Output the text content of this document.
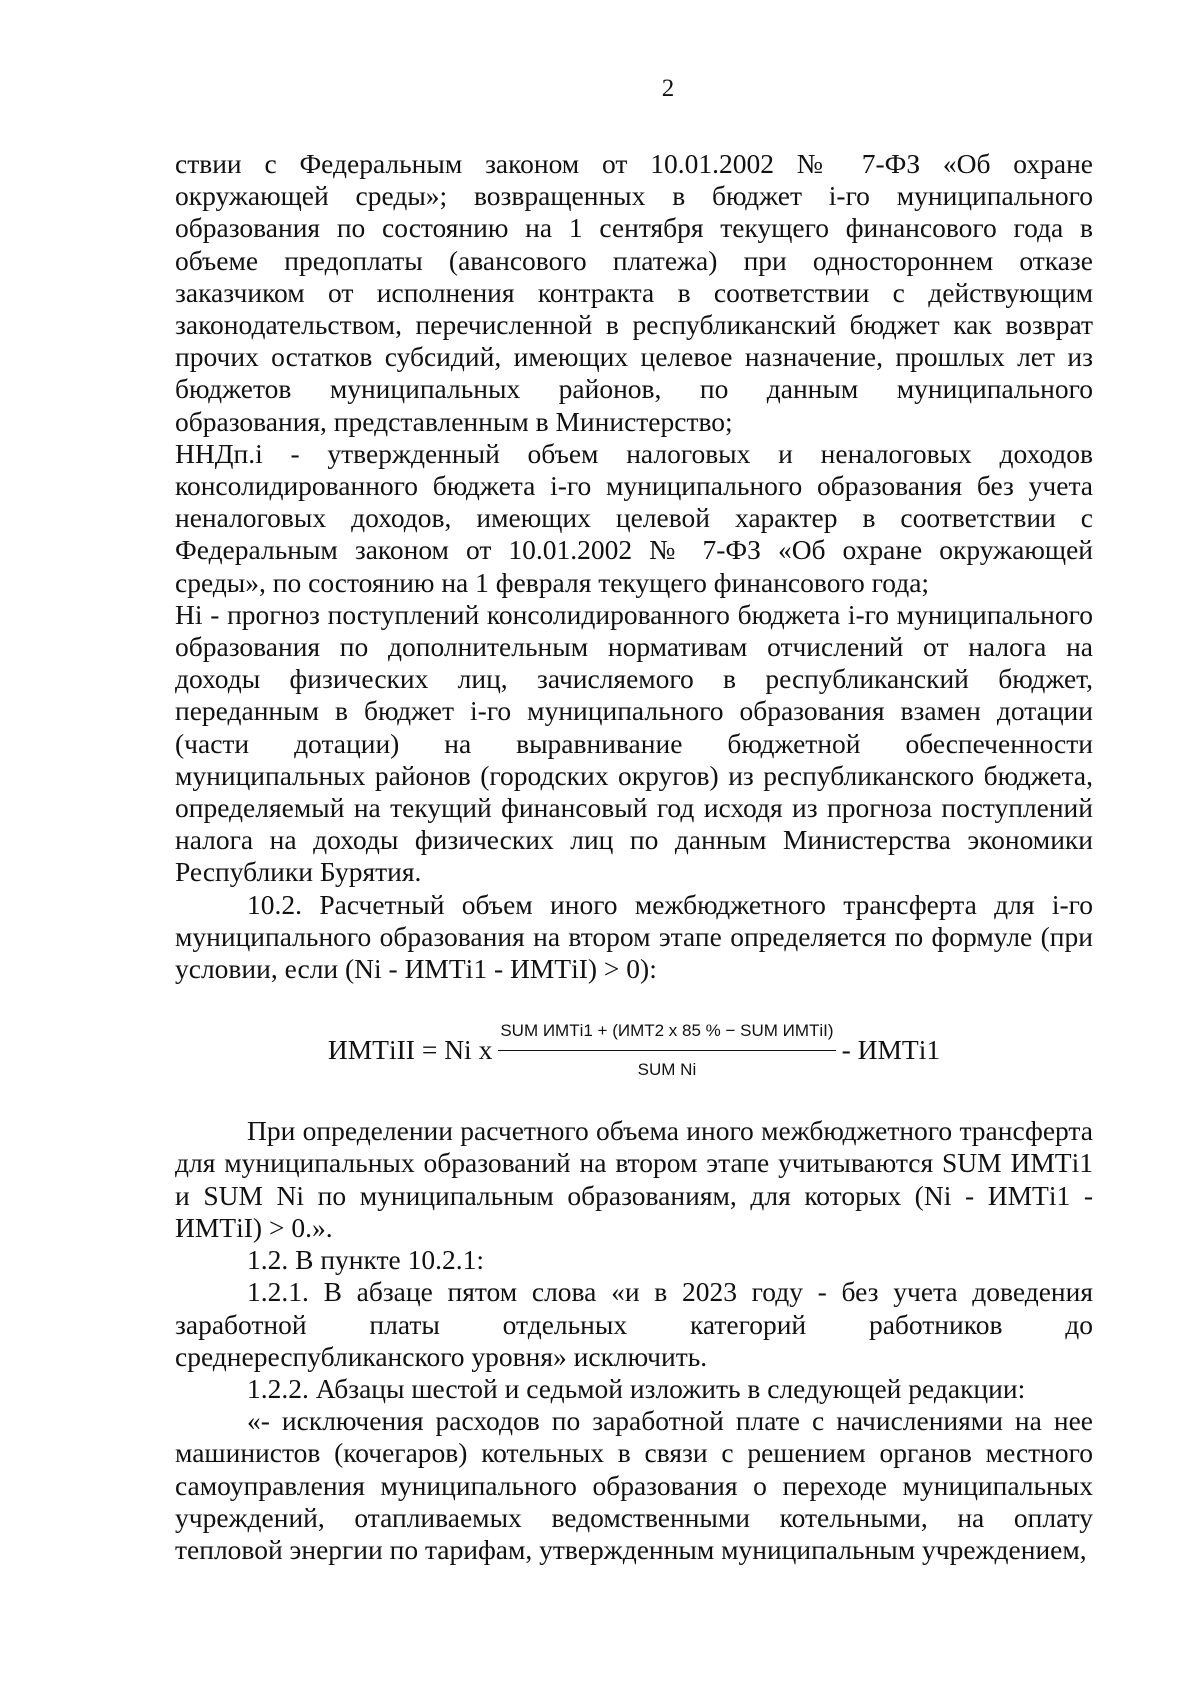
2

ствии с Федеральным законом от 10.01.2002 № 7-ФЗ «Об охране окружающей среды»; возвращенных в бюджет i-го муниципального образования по состоянию на 1 сентября текущего финансового года в объеме предоплаты (авансового платежа) при одностороннем отказе заказчиком от исполнения контракта в соответствии с действующим законодательством, перечисленной в республиканский бюджет как возврат прочих остатков субсидий, имеющих целевое назначение, прошлых лет из бюджетов муниципальных районов, по данным муниципального образования, представленным в Министерство;

ННДп.i - утвержденный объем налоговых и неналоговых доходов консолидированного бюджета i-го муниципального образования без учета неналоговых доходов, имеющих целевой характер в соответствии с Федеральным законом от 10.01.2002 № 7-ФЗ «Об охране окружающей среды», по состоянию на 1 февраля текущего финансового года;

Ні - прогноз поступлений консолидированного бюджета i-го муниципального образования по дополнительным нормативам отчислений от налога на доходы физических лиц, зачисляемого в республиканский бюджет, переданным в бюджет i-го муниципального образования взамен дотации (части дотации) на выравнивание бюджетной обеспеченности муниципальных районов (городских округов) из республиканского бюджета, определяемый на текущий финансовый год исходя из прогноза поступлений налога на доходы физических лиц по данным Министерства экономики Республики Бурятия.

10.2. Расчетный объем иного межбюджетного трансферта для i-го муниципального образования на втором этапе определяется по формуле (при условии, если (Ni - ИМТi1 - ИМТiI) > 0):

ИМТiII = Ni x $\frac{\text{SUM ИМТi1 + (ИМТ2 x 85 \% − SUM ИМТiI)}}{\text{SUM Ni}}$ - ИМТi1

При определении расчетного объема иного межбюджетного трансферта для муниципальных образований на втором этапе учитываются SUM ИМТi1 и SUM Ni по муниципальным образованиям, для которых (Ni - ИМТi1 - ИМТiI) > 0.».

1.2. В пункте 10.2.1:

1.2.1. В абзаце пятом слова «и в 2023 году - без учета доведения заработной платы отдельных категорий работников до среднереспубликанского уровня» исключить.

1.2.2. Абзацы шестой и седьмой изложить в следующей редакции:

«- исключения расходов по заработной плате с начислениями на нее машинистов (кочегаров) котельных в связи с решением органов местного самоуправления муниципального образования о переходе муниципальных учреждений, отапливаемых ведомственными котельными, на оплату тепловой энергии по тарифам, утвержденным муниципальным учреждением,
